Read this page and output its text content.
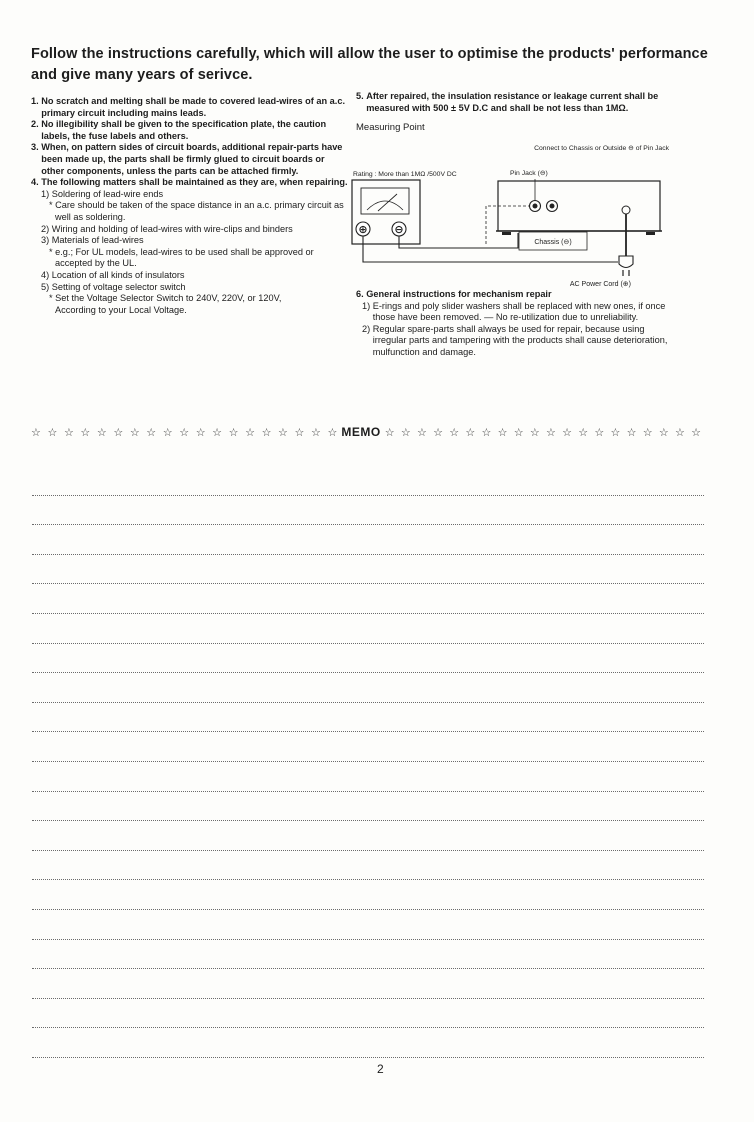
Follow the instructions carefully, which will allow the user to optimise the products' performance and give many years of serivce.
1. No scratch and melting shall be made to covered lead-wires of an a.c. primary circuit including mains leads.
2. No illegibility shall be given to the specification plate, the caution labels, the fuse labels and others.
3. When, on pattern sides of circuit boards, additional repair-parts have been made up, the parts shall be firmly glued to circuit boards or other components, unless the parts can be attached firmly.
4. The following matters shall be maintained as they are, when repairing.
1) Soldering of lead-wire ends
* Care should be taken of the space distance in an a.c. primary circuit as well as soldering.
2) Wiring and holding of lead-wires with wire-clips and binders
3) Materials of lead-wires
* e.g.; For UL models, lead-wires to be used shall be approved or accepted by the UL.
4) Location of all kinds of insulators
5) Setting of voltage selector switch
* Set the Voltage Selector Switch to 240V, 220V, or 120V,
According to your Local Voltage.
5. After repaired, the insulation resistance or leakage current shall be measured with 500 ± 5V D.C and shall be not less than 1MΩ.
Measuring Point
Connect to Chassis or Outside ⊖ of Pin Jack
Rating : More than 1MΩ /500V DC	Pin Jack (⊖)
⊕ ⊖
Chassis (⊖)
AC Power Cord (⊕)
6. General instructions for mechanism repair
1) E-rings and poly slider washers shall be replaced with new ones, if once those have been removed. — No re-utilization due to unreliability.
2) Regular spare-parts shall always be used for repair, because using irregular parts and tampering with the products shall cause deterioration, mulfunction and damage.
☆ ☆ ☆ ☆ ☆ ☆ ☆ ☆ ☆ ☆ ☆ ☆ ☆ ☆ ☆ ☆ ☆ ☆ ☆ MEMO ☆ ☆ ☆ ☆ ☆ ☆ ☆ ☆ ☆ ☆ ☆ ☆ ☆ ☆ ☆ ☆ ☆ ☆ ☆ ☆
2
